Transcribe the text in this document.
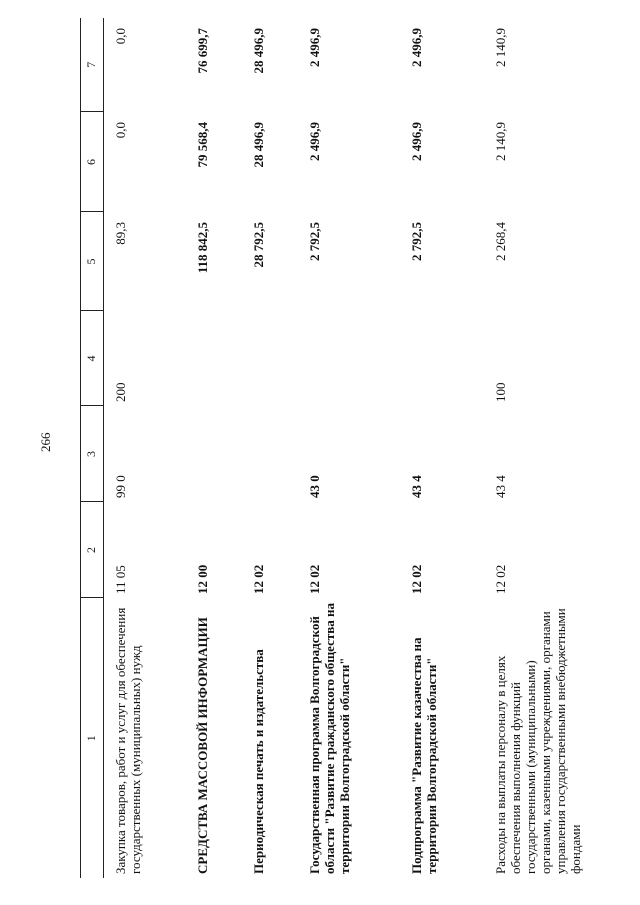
266
1	2	3	4	5	6	7
Закупка товаров, работ и услуг для обеспечения государственных (муниципальных) нужд	11 05	99 0	200	89,3	0,0	0,0
СРЕДСТВА МАССОВОЙ ИНФОРМАЦИИ	12 00			118 842,5	79 568,4	76 699,7
Периодическая печать и издательства	12 02			28 792,5	28 496,9	28 496,9
Государственная программа Волгоградской области "Развитие гражданского общества на территории Волгоградской области"	12 02	43 0		2 792,5	2 496,9	2 496,9
Подпрограмма "Развитие казачества на территории Волгоградской области"	12 02	43 4		2 792,5	2 496,9	2 496,9
Расходы на выплаты персоналу в целях обеспечения выполнения функций государственными (муниципальными) органами, казенными учреждениями, органами управления государственными внебюджетными фондами	12 02	43 4	100	2 268,4	2 140,9	2 140,9
